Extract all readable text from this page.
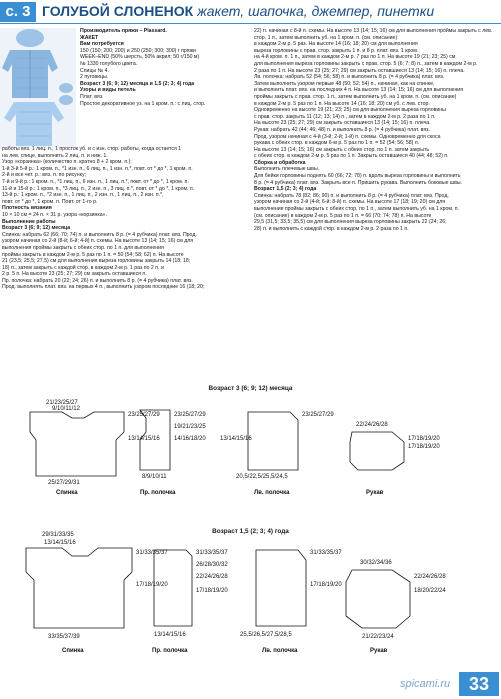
с. 3 ГОЛУБОЙ СЛОНЕНОК жакет, шапочка, джемпер, пинетки

Производитель пряжи – Plassard.

ЖАКЕТ

Вам потребуется

150 (150; 200; 200) и 250 (250; 300; 300) г пряжи

WEEK–END (50% шерсть, 50% акрил; 50 г/150 м)

№ 1330 голубого цвета.

Спицы № 4.

2 пуговицы.

Возраст 3 (6; 9; 12) месяца и 1,5 (2; 3; 4) года

Узоры и виды петель

Плат. вяз.

Простое декоративное уз. на 1 кром. п.: с лиц. стор.

работы вяз. 1 лиц. п., 1 просток уб. и с изн. стор. работы, когда остается 1

на лев. спице, выполнить 2 лиц. п. и ниж. 1.

Узор «корзинка» (количество п. кратно 8 + 2 кром. п.):

1-й 3-й 5-й р.: 1 кром. п., *1 изн. п., 6 лиц. п., 1 изн. п.*, повт. от * до *, 1 кром. п.

2-й и все чет. р.: вяз. п. по рисунку;

7-й и 9-й р.: 1 кром. п., *1 лиц. п., 6 изн. п., 1 лиц. п.*, повт. от * до *, 1 кром. п.

11-й и 15-й р.: 1 кром. п., *3 лиц. п., 2 изн. п., 3 лиц. п.*, повт. от * до *, 1 кром. п.

13-й р.: 1 кром. п., *2 изн. п., 1 лиц. п., 2 изн. п., 1 лиц. п., 2 изн. п.*,

повт. от * до *, 1 кром. п. Повт. от 1-го р.

Плотность вязания

10 × 10 см = 24 п. × 31 р. узора «корзинка».

Выполнение работы

Возраст 3 (6; 9; 12) месяца

Спинка: набрать 62 (66; 70; 74) п. и выполнить 8 р. (= 4 рубчика) плат. вяз. Прод.

узором начиная со 2-й (8-й; 6-й; 4-й) п. схемы. На высоте 13 (14; 15; 16) см для

выполнения проймы закрыть с обеих стор. по 1 п. для выполнения

проймы закрыть в каждом 2-м р. 5 раз по 1 п. = 50 (54; 58; 62) п. На высоте

21 (23,5; 25,5; 27,5) см для выполнения выреза горловины закрыть 14 (18; 18;

18) п., затем закрыть с каждой стор. в каждом 2-м р. 1 раз по 2 п. и

2 р. 5 п. На высоте 23 (25; 27; 29) см закрыть оставшиеся п.

Пр. полочка: набрать 20 (22; 24; 26) п. и выполнить 8 р. (= 4 рубчика) плат. вяз.

Прод. выполнять плат. вяз. на первых 4 п., выполнить узором последние 16 (18; 20;

22) п. начиная с 8-й п. схемы. На высоте 13 (14; 15; 16) см для выполнения проймы закрыть с лев. стор. 1 п., затем выполнить уб. на 1 кром. п. (см. описание)

в каждом 2-м р. 5 раз. На высоте 14 (16; 18; 20) см для выполнения

выреза горловины с прав. стор. закрыть 1 п. и 8 р. плат. вяз. 1 кром.

на 4-й кром. п. 1 п., затем в каждом 2-м р. 7 раз по 1 п. На высоте 19 (21; 23; 25) см

для выполнения выреза горловины закрыть с прав. стор. 5 (6; 7; 8) п., затем в каждом 2-м р.

2 раза по 1 п. На высоте 23 (25; 27; 29) см закрыть оставшиеся 13 (14; 15; 16) п. плеча.

Лв. полочка: набрать 52 (54; 56; 58) п. и выполнить 8 р. (= 4 рубчика) плат. вяз.

Затем выполнить узором первые 48 (50; 52; 54) п., начиная, как на спинке,

и выполнить плат. вяз. на последних 4 п. На высоте 13 (14; 15; 16) см для выполнения

проймы закрыть с прав. стор. 1 п., затем выполнить уб. на 1 кром. п. (см. описание)

в каждом 2-м р. 5 раз по 1 п. На высоте 14 (16; 18; 20) см уб. с лев. стор.

Одновременно на высоте 19 (21; 23; 25) см для выполнения выреза горловины

с прав. стор. закрыть 11 (12; 13; 14) п., затем в каждом 2-м р. 2 раза по 1 п.

На высоте 23 (25; 27; 29) см закрыть оставшиеся 13 (14; 15; 16) п. плеча.

Рукав: набрать 42 (44; 46; 48) п. и выполнить 8 р. (= 4 рубчика) плат. вяз.

Прод. узором начиная с 4-й (3-й; 2-й; 1-й) п. схемы. Одновременно для скоса

рукава с обеих стор. в каждом 6-м р. 5 раз по 1 п. = 52 (54; 56; 58) п.

На высоте 13 (14; 15; 16) см закрыть с обеих стор. по 1 п. затем закрыть

с обеих стор. в каждом 2-м р. 5 раз по 1 п. Закрыть оставшиеся 40 (44; 48; 52) п.

Сборка и обработка

Выполнить плечевые швы.

Для бейки горловины поднять 60 (66; 72; 78) п. вдоль выреза горловины и выполнить

8 р. (= 4 рубчика) плат. вяз. Закрыть все п. Пришить рукава. Выполнить боковые швы.

Возраст 1,5 (2; 3; 4) года

Спинка: набрать 78 (82; 86; 90) п. и выполнить 8 р. (= 4 рубчика) плат. вяз. Прод.

узором начиная со 2-й (4-й; 6-й; 8-й) п. схемы. На высоте 17 (18; 19; 20) см для

выполнения проймы закрыть с обеих стор. по 1 п., затем выполнить уб. на 1 кром. п.

(см. описание) в каждом 2-м р. 5 раз по 1 п. = 66 (70; 74; 78) п. На высоте

29,5 (31,5; 33,5; 35,5) см для выполнения выреза горловины закрыть 22 (24; 26;

28) п. и выполнить с каждой стор. в каждом 2-м р. 2 раза по 1 п.

Возраст 3 (6; 9; 12) месяца
Возраст 1,5 (2; 3; 4) года
21/23/25/27
9/10/11/12
23/25/27/29
13/14/15/16
25/27/29/31
Спинка
23/25/27/29
19/21/23/25
14/16/18/20
8/9/10/11
Пр. полочка
23/25/27/29
13/14/15/16
20,5/22,5/25,5/24,5
Лв. полочка
22/24/26/28
17/18/19/20
17/18/19/20
Рукав
29/31/33/35
13/14/15/16
31/33/35/37
17/18/19/20
33/35/37/39
Спинка
31/33/35/37
26/28/30/32
22/24/26/28
17/18/19/20
13/14/15/16
Пр. полочка
31/33/35/37
17/18/19/20
25,5/26,5/27,5/28,5
Лв. полочка
30/32/34/36
22/24/26/28
18/20/22/24
21/22/23/24
Рукав
spicami.ru	33
